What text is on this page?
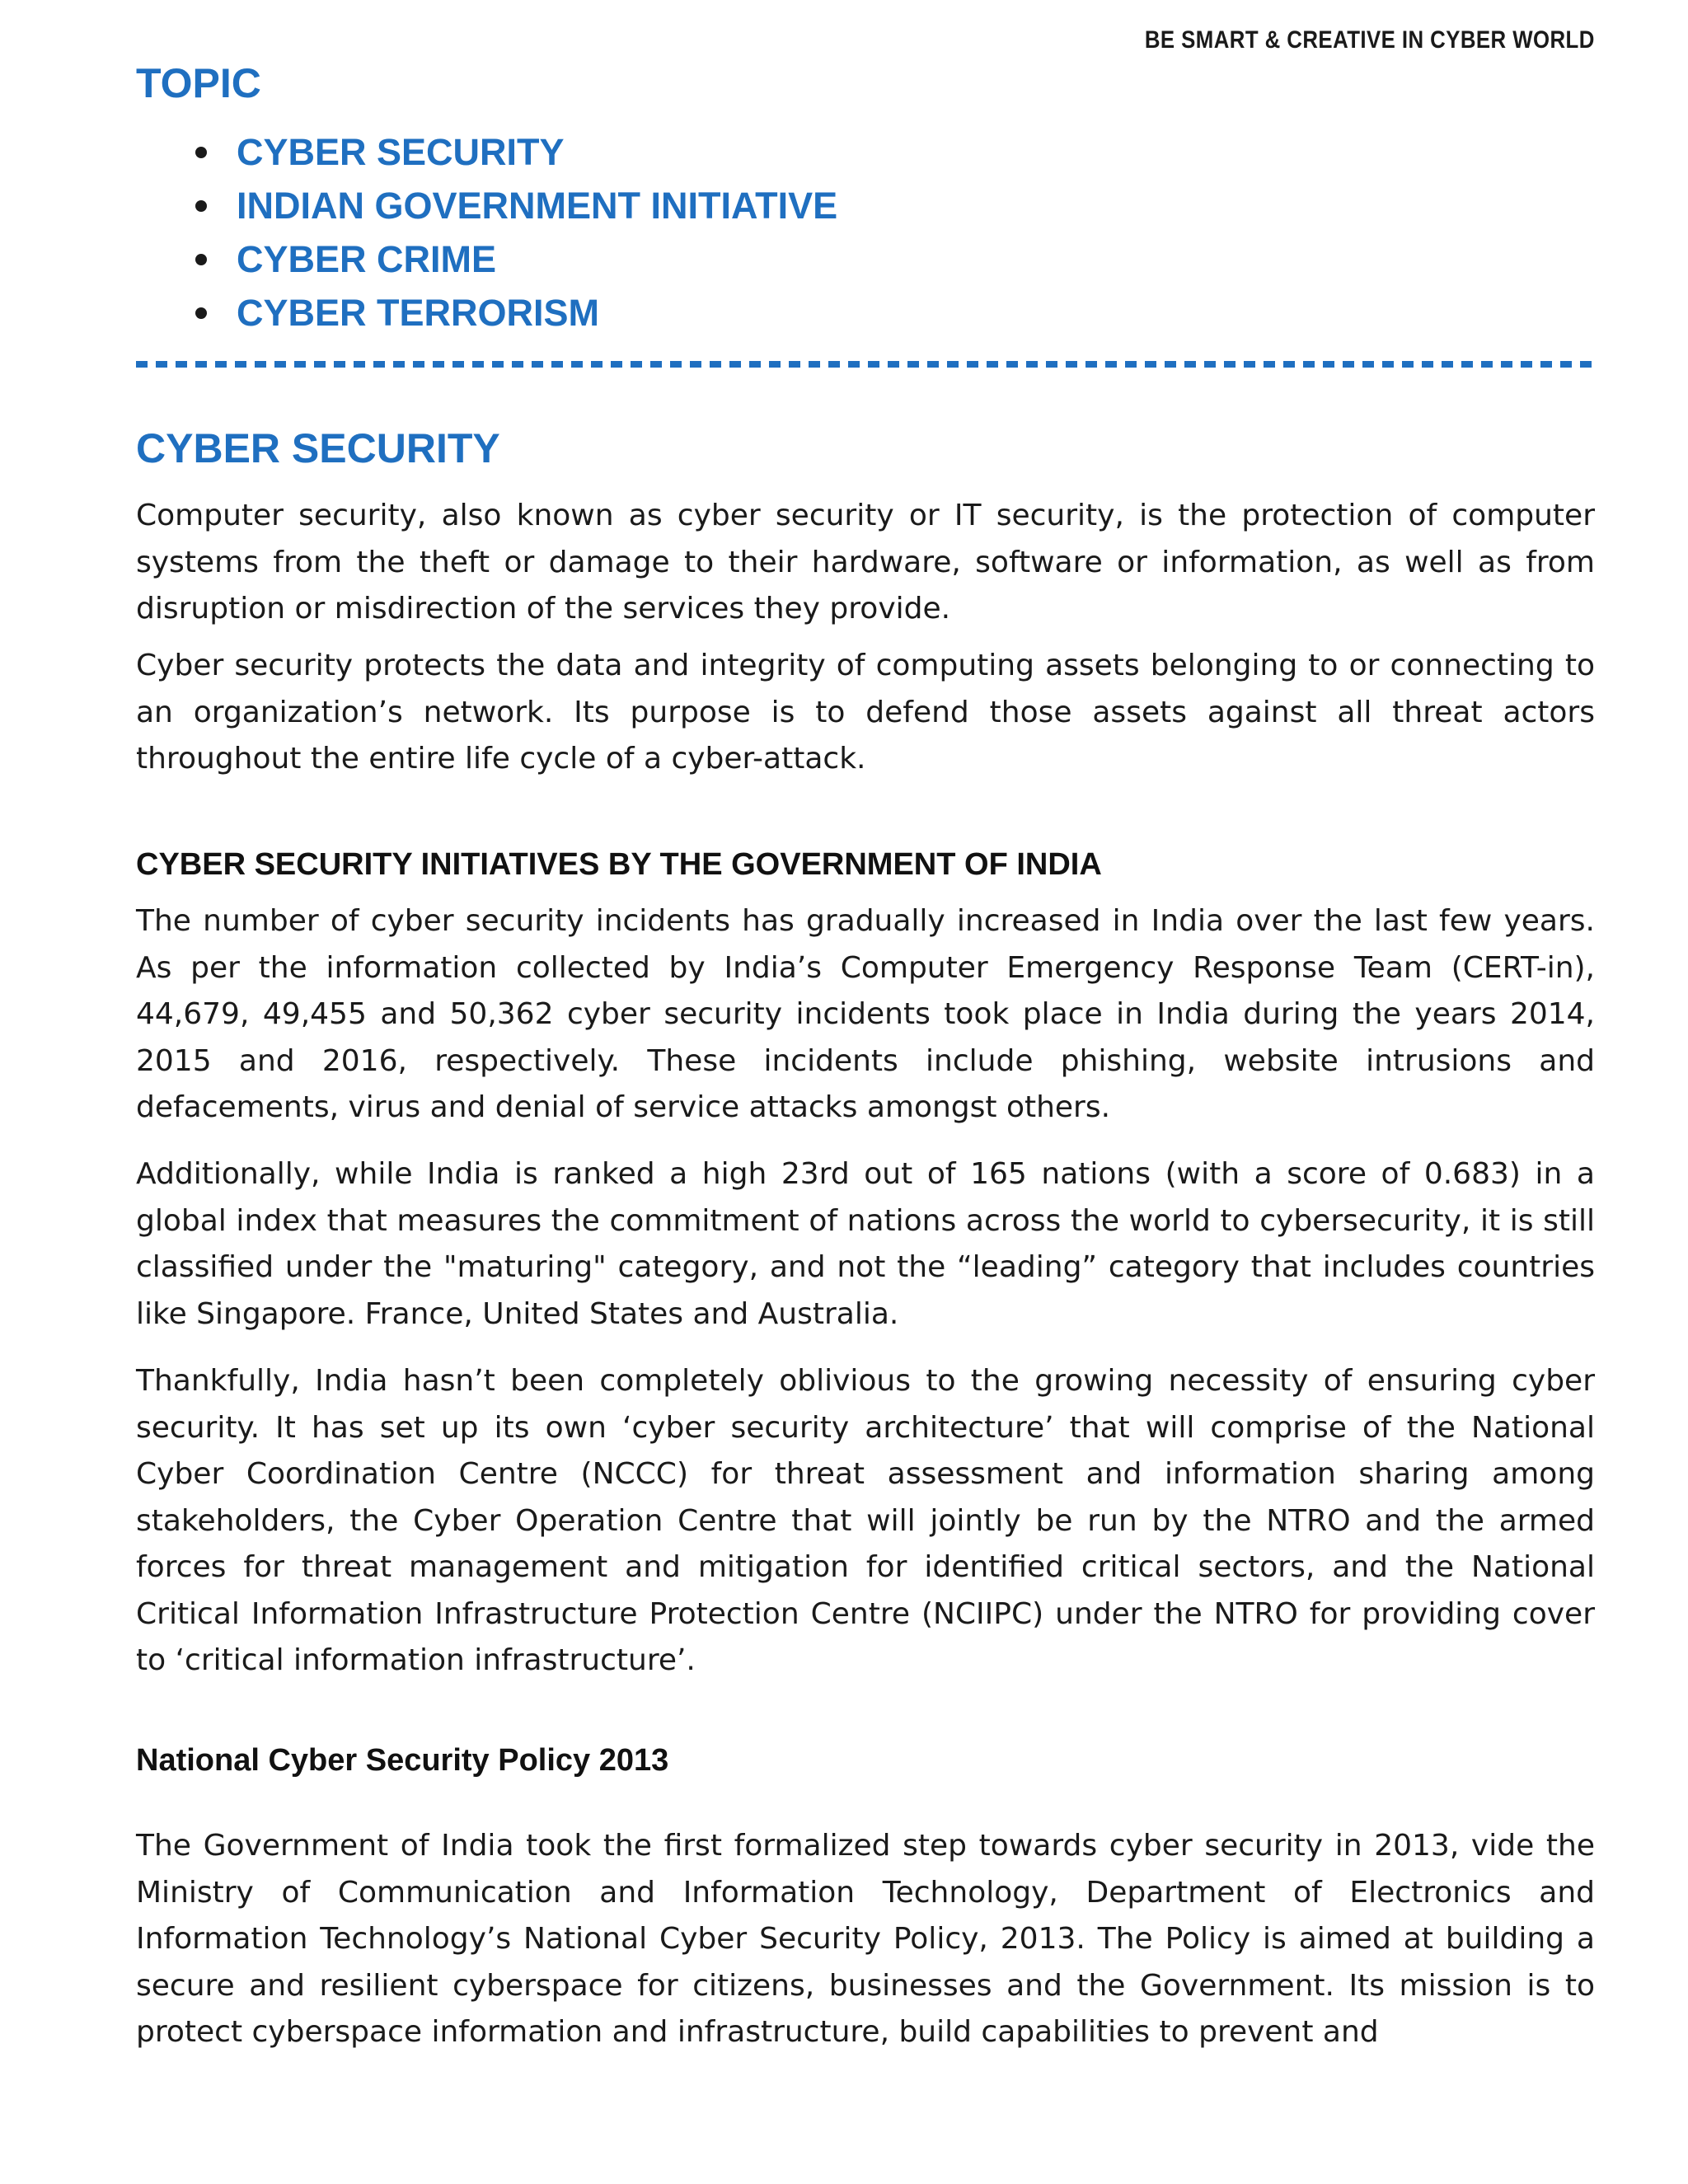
BE SMART & CREATIVE IN CYBER WORLD
TOPIC
CYBER SECURITY
INDIAN GOVERNMENT INITIATIVE
CYBER CRIME
CYBER TERRORISM
CYBER SECURITY

Computer security, also known as cyber security or IT security, is the protection of computer systems from the theft or damage to their hardware, software or information, as well as from disruption or misdirection of the services they provide.

Cyber security protects the data and integrity of computing assets belonging to or connecting to an organization’s network. Its purpose is to defend those assets against all threat actors throughout the entire life cycle of a cyber-attack.

CYBER SECURITY INITIATIVES BY THE GOVERNMENT OF INDIA

The number of cyber security incidents has gradually increased in India over the last few years. As per the information collected by India’s Computer Emergency Response Team (CERT-in), 44,679, 49,455 and 50,362 cyber security incidents took place in India during the years 2014, 2015 and 2016, respectively. These incidents include phishing, website intrusions and defacements, virus and denial of service attacks amongst others.

Additionally, while India is ranked a high 23rd out of 165 nations (with a score of 0.683) in a global index that measures the commitment of nations across the world to cybersecurity, it is still classified under the "maturing" category, and not the “leading” category that includes countries like Singapore. France, United States and Australia.

Thankfully, India hasn’t been completely oblivious to the growing necessity of ensuring cyber security. It has set up its own ‘cyber security architecture’ that will comprise of the National Cyber Coordination Centre (NCCC) for threat assessment and information sharing among stakeholders, the Cyber Operation Centre that will jointly be run by the NTRO and the armed forces for threat management and mitigation for identified critical sectors, and the National Critical Information Infrastructure Protection Centre (NCIIPC) under the NTRO for providing cover to ‘critical information infrastructure’.

National Cyber Security Policy 2013

The Government of India took the first formalized step towards cyber security in 2013, vide the Ministry of Communication and Information Technology, Department of Electronics and Information Technology’s National Cyber Security Policy, 2013. The Policy is aimed at building a secure and resilient cyberspace for citizens, businesses and the Government. Its mission is to protect cyberspace information and infrastructure, build capabilities to prevent and
